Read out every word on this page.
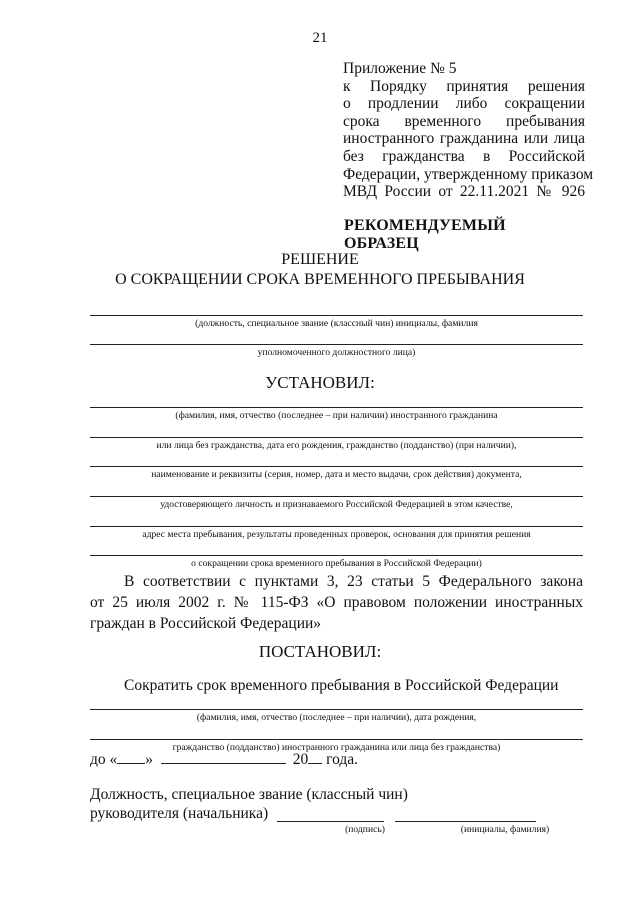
21
Приложение № 5
к Порядку принятия решения
о продлении либо сокращении
срока временного пребывания
иностранного гражданина или лица
без гражданства в Российской
Федерации, утвержденному приказом
МВД России от 22.11.2021 № 926
РЕКОМЕНДУЕМЫЙ ОБРАЗЕЦ
РЕШЕНИЕ
О СОКРАЩЕНИИ СРОКА ВРЕМЕННОГО ПРЕБЫВАНИЯ
(должность, специальное звание (классный чин) инициалы, фамилия
уполномоченного должностного лица)
УСТАНОВИЛ:
(фамилия, имя, отчество (последнее – при наличии) иностранного гражданина
или лица без гражданства, дата его рождения, гражданство (подданство) (при наличии),
наименование и реквизиты (серия, номер, дата и место выдачи, срок действия) документа,
удостоверяющего личность и признаваемого Российской Федерацией в этом качестве,
адрес места пребывания, результаты проведенных проверок, основания для принятия решения
о сокращении срока временного пребывания в Российской Федерации)
В соответствии с пунктами 3, 23 статьи 5 Федерального закона
от 25 июля 2002 г. № 115-ФЗ «О правовом положении иностранных
граждан в Российской Федерации»
ПОСТАНОВИЛ:
Сократить срок временного пребывания в Российской Федерации
(фамилия, имя, отчество (последнее – при наличии), дата рождения,
гражданство (подданство) иностранного гражданина или лица без гражданства)
до « »	20 года.
Должность, специальное звание (классный чин)
руководителя (начальника)
(подпись)	(инициалы, фамилия)
